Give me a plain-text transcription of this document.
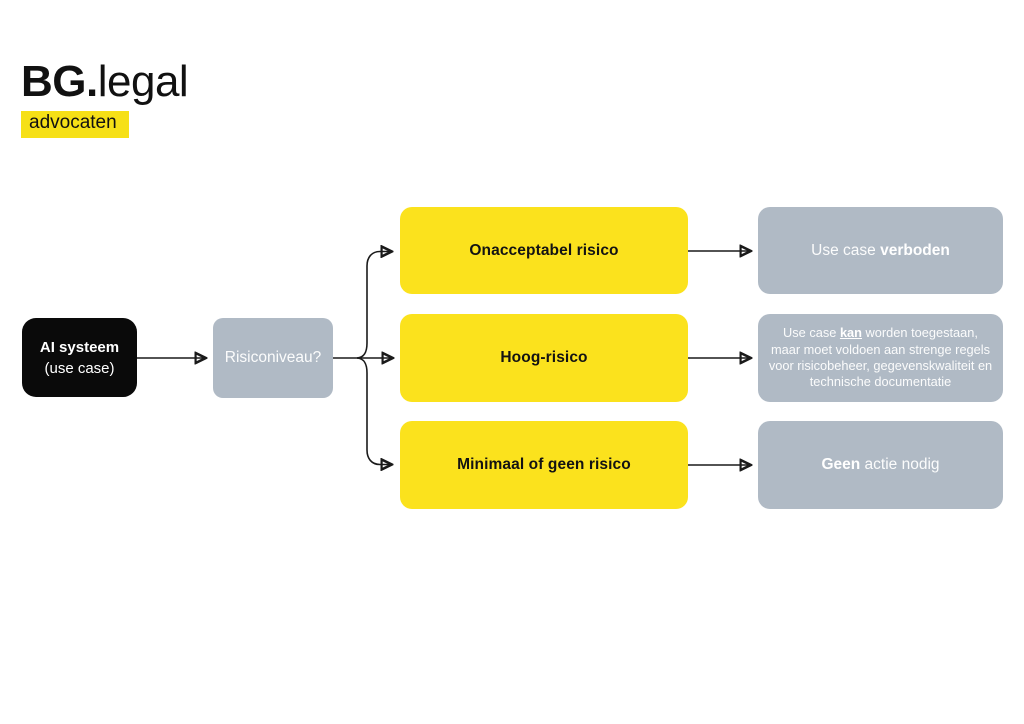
BG.legal
advocaten
AI systeem
(use case)
Risiconiveau?
Onacceptabel risico
Hoog-risico
Minimaal of geen risico
Use case verboden
Use case kan worden toegestaan, maar moet voldoen aan strenge regels voor risicobeheer, gegevenskwaliteit en technische documentatie
Geen actie nodig
